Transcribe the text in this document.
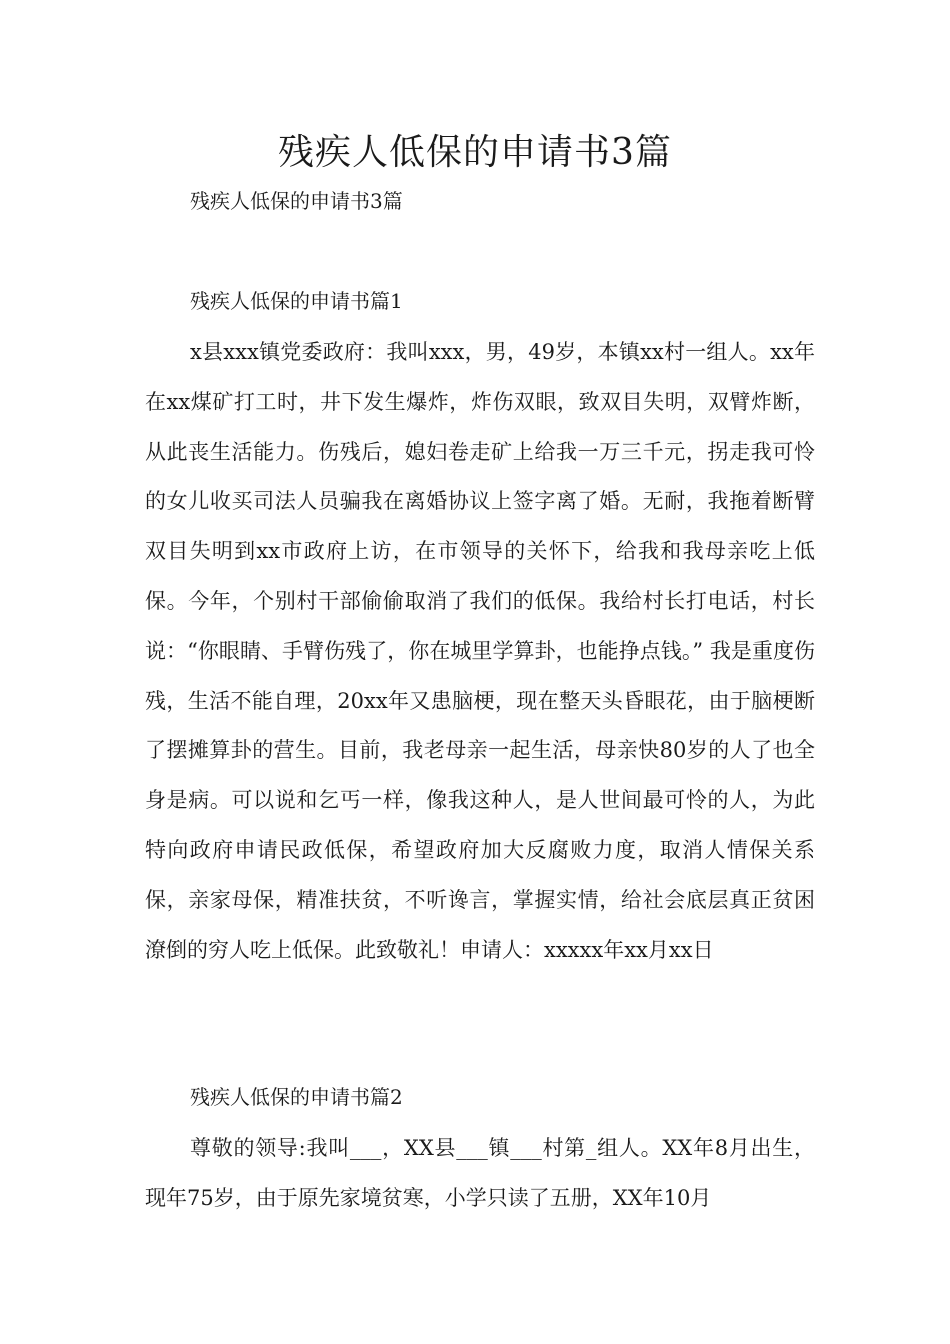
残疾人低保的申请书3篇

残疾人低保的申请书3篇

残疾人低保的申请书篇1

x县xxx镇党委政府：我叫xxx，男，49岁，本镇xx村一组人。xx年在xx煤矿打工时，井下发生爆炸，炸伤双眼，致双目失明，双臂炸断，从此丧生活能力。伤残后，媳妇卷走矿上给我一万三千元，拐走我可怜的女儿收买司法人员骗我在离婚协议上签字离了婚。无耐，我拖着断臂双目失明到xx市政府上访，在市领导的关怀下，给我和我母亲吃上低保。今年，个别村干部偷偷取消了我们的低保。我给村长打电话，村长说：“你眼睛、手臂伤残了，你在城里学算卦，也能挣点钱。” 我是重度伤残，生活不能自理，20xx年又患脑梗，现在整天头昏眼花，由于脑梗断了摆摊算卦的营生。目前，我老母亲一起生活，母亲快80岁的人了也全身是病。可以说和乞丐一样，像我这种人，是人世间最可怜的人，为此特向政府申请民政低保，希望政府加大反腐败力度，取消人情保关系保，亲家母保，精准扶贫，不听谗言，掌握实情，给社会底层真正贫困潦倒的穷人吃上低保。此致敬礼！申请人：xxxxx年xx月xx日

残疾人低保的申请书篇2

尊敬的领导:我叫___，XX县___镇___村第_组人。XX年8月出生，现年75岁，由于原先家境贫寒，小学只读了五册，XX年10月
